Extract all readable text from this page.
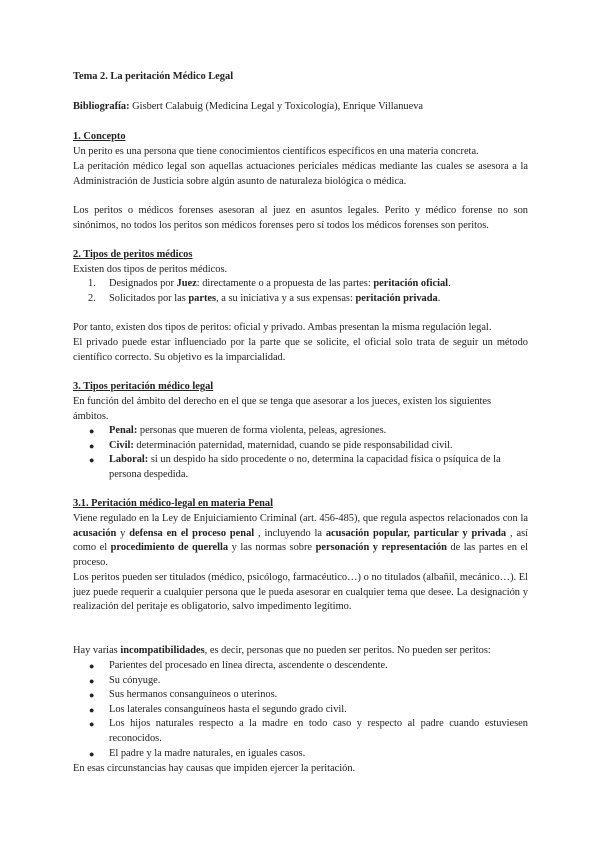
Tema 2. La peritación Médico Legal

Bibliografía: Gisbert Calabuig (Medicina Legal y Toxicología), Enrique Villanueva

1. Concepto

Un perito es una persona que tiene conocimientos científicos específicos en una materia concreta.

La peritación médico legal son aquellas actuaciones periciales médicas mediante las cuales se asesora a la Administración de Justicia sobre algún asunto de naturaleza biológica o médica.

Los peritos o médicos forenses asesoran al juez en asuntos legales. Perito y médico forense no son sinónimos, no todos los peritos son médicos forenses pero sí todos los médicos forenses son peritos.

2. Tipos de peritos médicos

Existen dos tipos de peritos médicos.

1. Designados por Juez: directamente o a propuesta de las partes: peritación oficial.
2. Solicitados por las partes, a su iniciativa y a sus expensas: peritación privada.

Por tanto, existen dos tipos de peritos: oficial y privado. Ambas presentan la misma regulación legal.

El privado puede estar influenciado por la parte que se solicite, el oficial solo trata de seguir un método científico correcto. Su objetivo es la imparcialidad.

3. Tipos peritación médico legal

En función del ámbito del derecho en el que se tenga que asesorar a los jueces, existen los siguientes ámbitos.

● Penal: personas que mueren de forma violenta, peleas, agresiones.
● Civil: determinación paternidad, maternidad, cuando se pide responsabilidad civil.
● Laboral: si un despido ha sido procedente o no, determina la capacidad física o psíquica de la persona despedida.

3.1. Peritación médico-legal en materia Penal

Viene regulado en la Ley de Enjuiciamiento Criminal (art. 456-485), que regula aspectos relacionados con la acusación y defensa en el proceso penal , incluyendo la acusación popular, particular y privada , así como el procedimiento de querella y las normas sobre personación y representación de las partes en el proceso.

Los peritos pueden ser titulados (médico, psicólogo, farmacéutico…) o no titulados (albañil, mecánico…). El juez puede requerir a cualquier persona que le pueda asesorar en cualquier tema que desee. La designación y realización del peritaje es obligatorio, salvo impedimento legítimo.

Hay varias incompatibilidades, es decir, personas que no pueden ser peritos. No pueden ser peritos:

● Parientes del procesado en línea directa, ascendente o descendente.
● Su cónyuge.
● Sus hermanos consanguíneos o uterinos.
● Los laterales consanguíneos hasta el segundo grado civil.
● Los hijos naturales respecto a la madre en todo caso y respecto al padre cuando estuviesen reconocidos.
● El padre y la madre naturales, en iguales casos.

En esas circunstancias hay causas que impiden ejercer la peritación.
